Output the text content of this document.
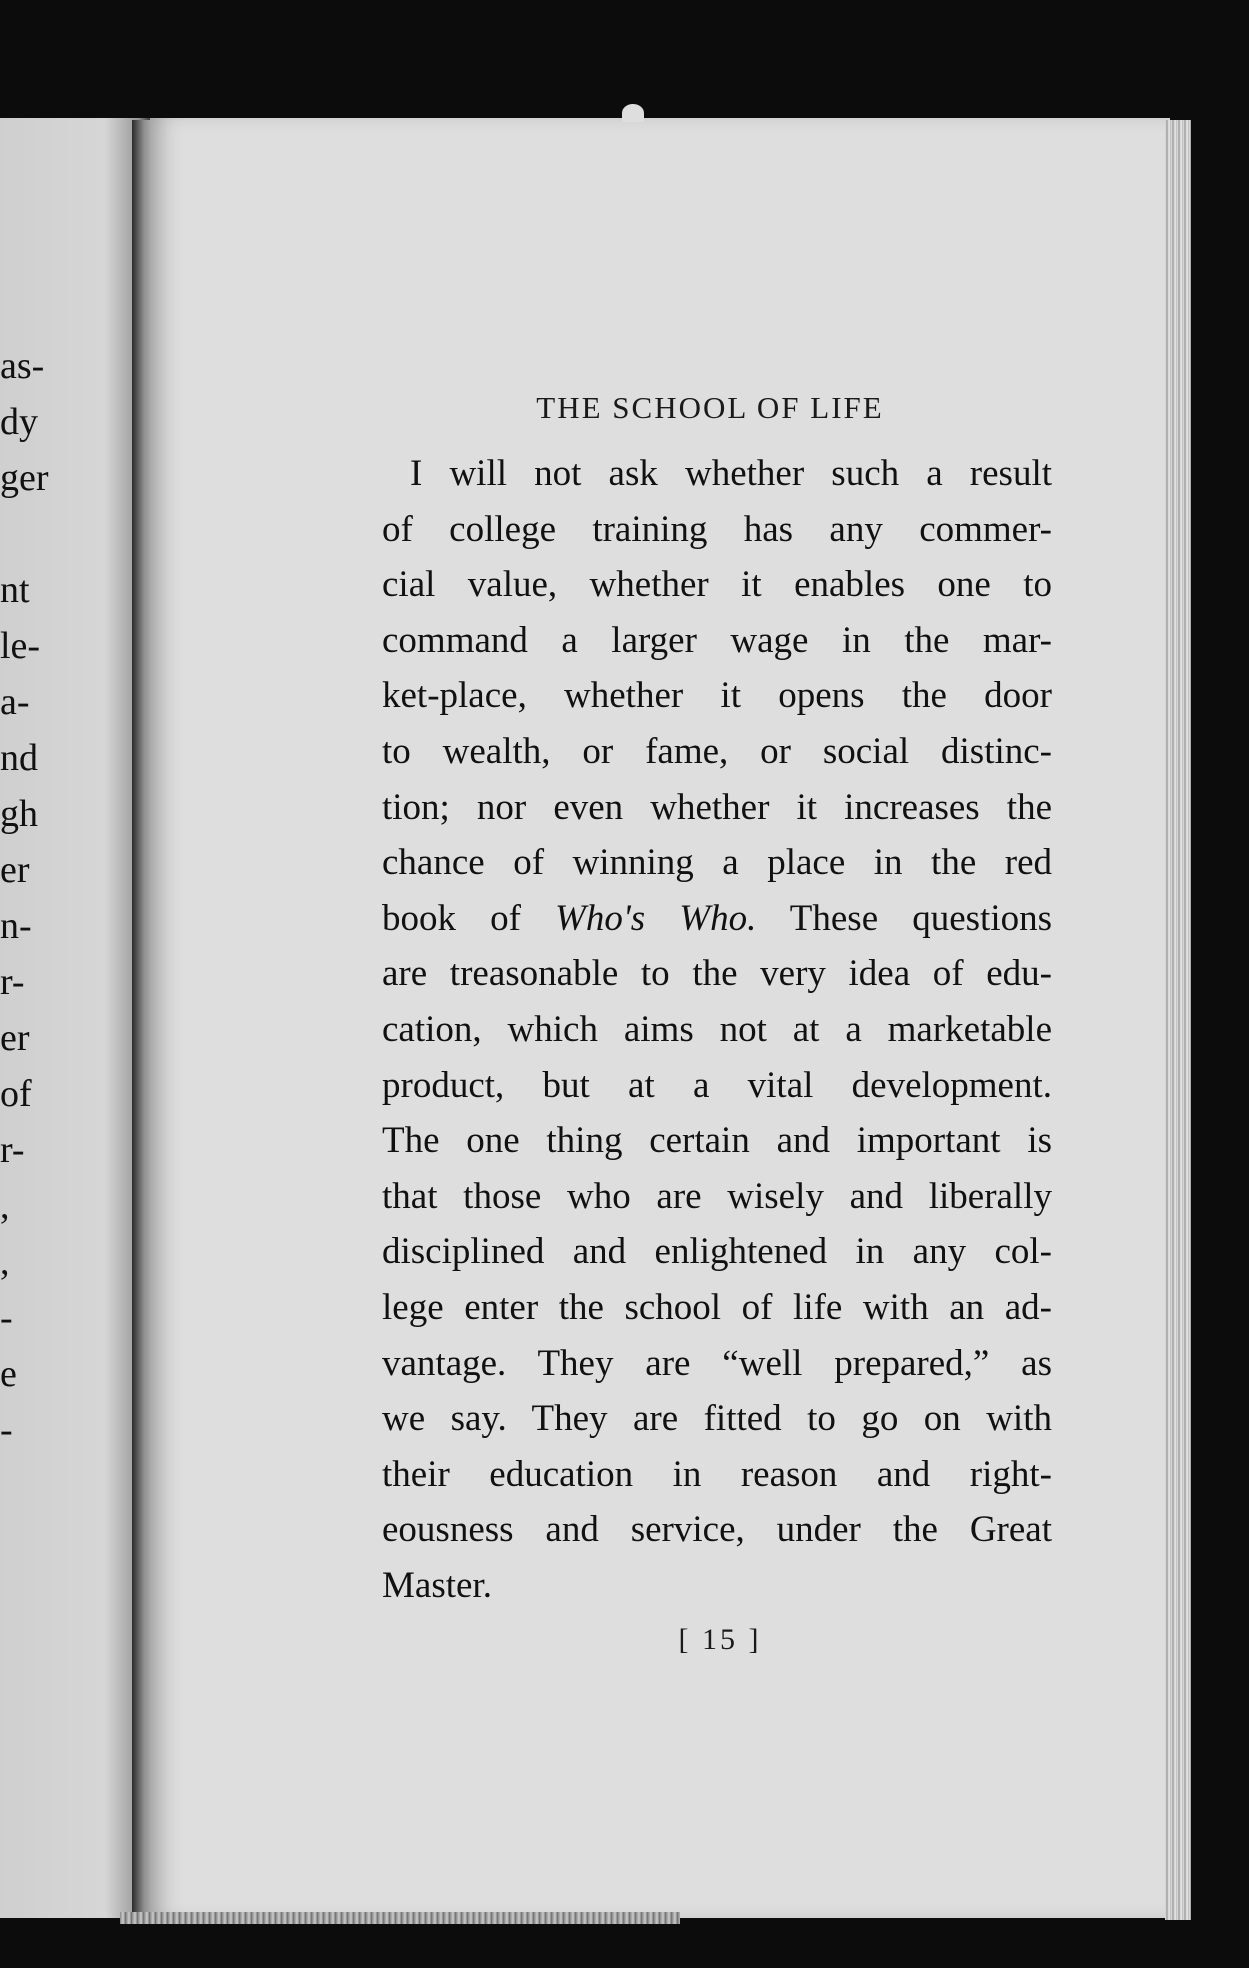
as-
dy
ger
nt
le-
a-
nd
gh
er
n-
r-
er
of
r-
,
,
-
e
-
THE SCHOOL OF LIFE
I will not ask whether such a result
of college training has any commer-
cial value, whether it enables one to
command a larger wage in the mar-
ket-place, whether it opens the door
to wealth, or fame, or social distinc-
tion; nor even whether it increases the
chance of winning a place in the red
book of Who's Who. These questions
are treasonable to the very idea of edu-
cation, which aims not at a marketable
product, but at a vital development.
The one thing certain and important is
that those who are wisely and liberally
disciplined and enlightened in any col-
lege enter the school of life with an ad-
vantage. They are “well prepared,” as
we say. They are fitted to go on with
their education in reason and right-
eousness and service, under the Great
Master.
[ 15 ]
